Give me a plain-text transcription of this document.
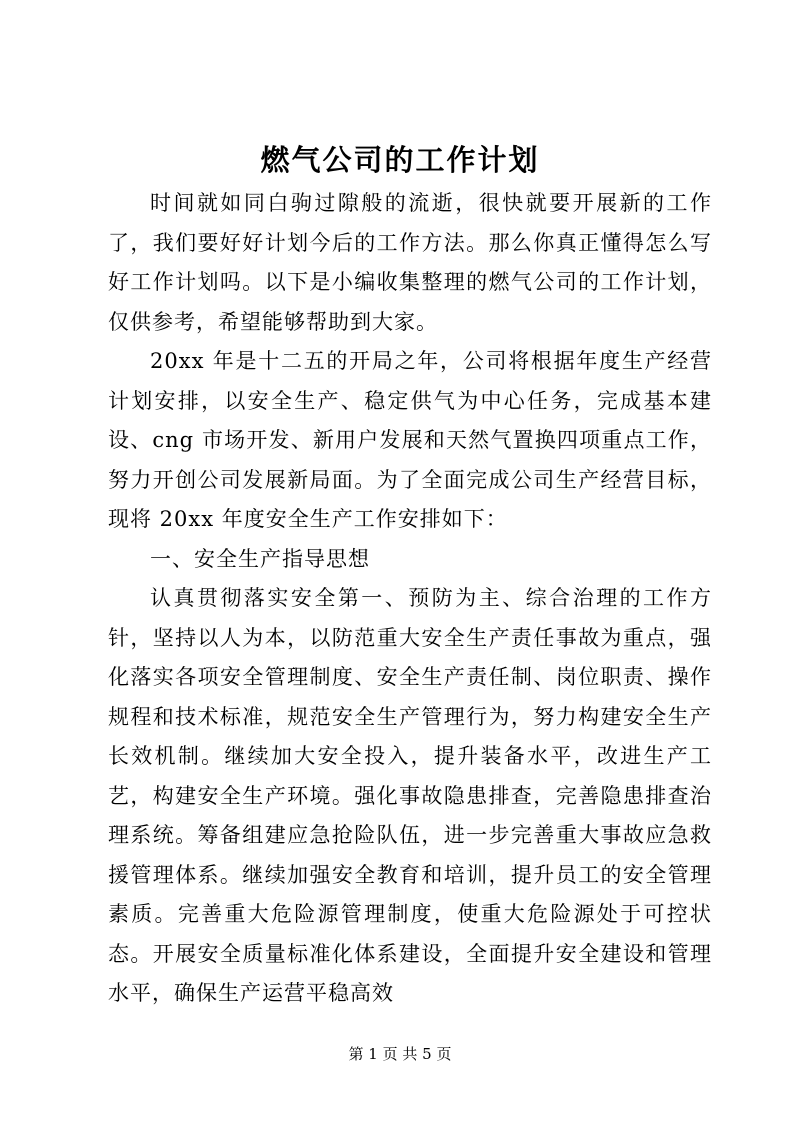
燃气公司的工作计划

时间就如同白驹过隙般的流逝，很快就要开展新的工作了，我们要好好计划今后的工作方法。那么你真正懂得怎么写好工作计划吗。以下是小编收集整理的燃气公司的工作计划，仅供参考，希望能够帮助到大家。

20xx 年是十二五的开局之年，公司将根据年度生产经营计划安排，以安全生产、稳定供气为中心任务，完成基本建设、cng 市场开发、新用户发展和天然气置换四项重点工作，努力开创公司发展新局面。为了全面完成公司生产经营目标，现将 20xx 年度安全生产工作安排如下：

一、安全生产指导思想

认真贯彻落实安全第一、预防为主、综合治理的工作方针，坚持以人为本，以防范重大安全生产责任事故为重点，强化落实各项安全管理制度、安全生产责任制、岗位职责、操作规程和技术标准，规范安全生产管理行为，努力构建安全生产长效机制。继续加大安全投入，提升装备水平，改进生产工艺，构建安全生产环境。强化事故隐患排查，完善隐患排查治理系统。筹备组建应急抢险队伍，进一步完善重大事故应急救援管理体系。继续加强安全教育和培训，提升员工的安全管理素质。完善重大危险源管理制度，使重大危险源处于可控状态。开展安全质量标准化体系建设，全面提升安全建设和管理水平，确保生产运营平稳高效

第 1 页 共 5 页
